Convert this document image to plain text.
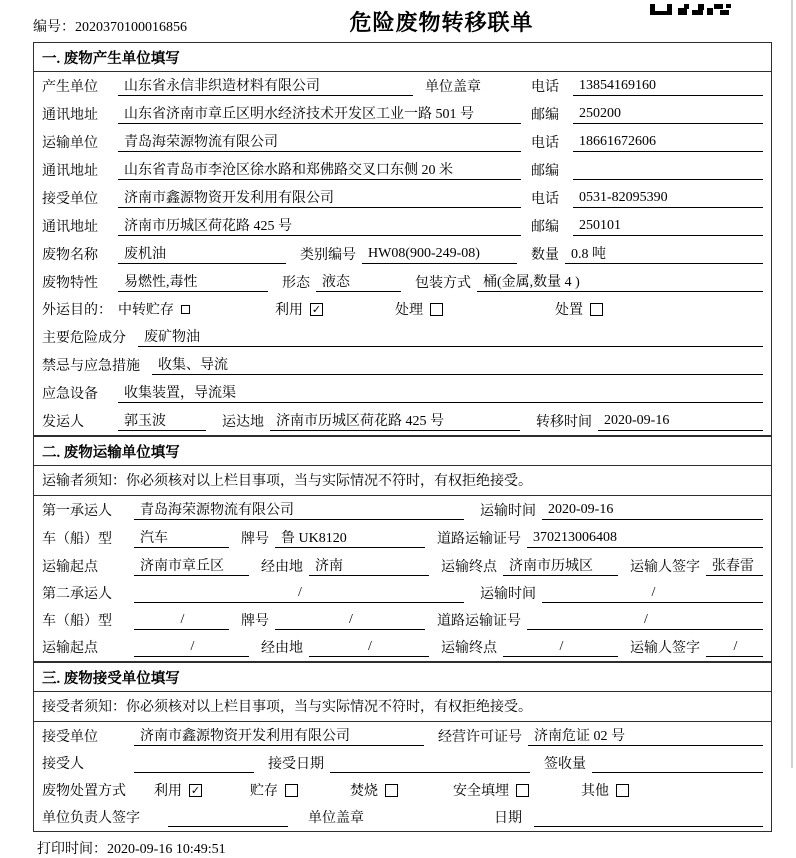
编号：2020370100016856	危险废物转移联单
一. 废物产生单位填写
产生单位	山东省永信非织造材料有限公司	单位盖章	电话	13854169160
通讯地址	山东省济南市章丘区明水经济技术开发区工业一路 501 号	邮编	250200
运输单位	青岛海荣源物流有限公司	电话	18661672606
通讯地址	山东省青岛市李沧区徐水路和郑佛路交叉口东侧 20 米	邮编
接受单位	济南市鑫源物资开发利用有限公司	电话	0531-82095390
通讯地址	济南市历城区荷花路 425 号	邮编	250101
废物名称	废机油	类别编号 HW08(900-249-08)	数量 0.8 吨
废物特性	易燃性,毒性	形态 液态	包装方式 桶(金属,数量 4 )
外运目的： 中转贮存	利用 ✓	处理	处置
主要危险成分	废矿物油
禁忌与应急措施	收集、导流
应急设备	收集装置，导流渠
发运人	郭玉波	运达地 济南市历城区荷花路 425 号	转移时间 2020-09-16
二. 废物运输单位填写
运输者须知：你必须核对以上栏目事项，当与实际情况不符时，有权拒绝接受。
第一承运人	青岛海荣源物流有限公司	运输时间 2020-09-16
车（船）型	汽车	牌号 鲁 UK8120	道路运输证号 370213006408
运输起点	济南市章丘区	经由地 济南	运输终点 济南市历城区	运输人签字 张春雷
第二承运人	/	运输时间	/
车（船）型	/	牌号	/	道路运输证号	/
运输起点	/	经由地	/	运输终点	/	运输人签字	/
三. 废物接受单位填写
接受者须知：你必须核对以上栏目事项，当与实际情况不符时，有权拒绝接受。
接受单位	济南市鑫源物资开发利用有限公司	经营许可证号 济南危证 02 号
接受人	接受日期	签收量
废物处置方式 利用 ✓	贮存	焚烧	安全填埋	其他
单位负责人签字	单位盖章	日期
打印时间：2020-09-16 10:49:51
